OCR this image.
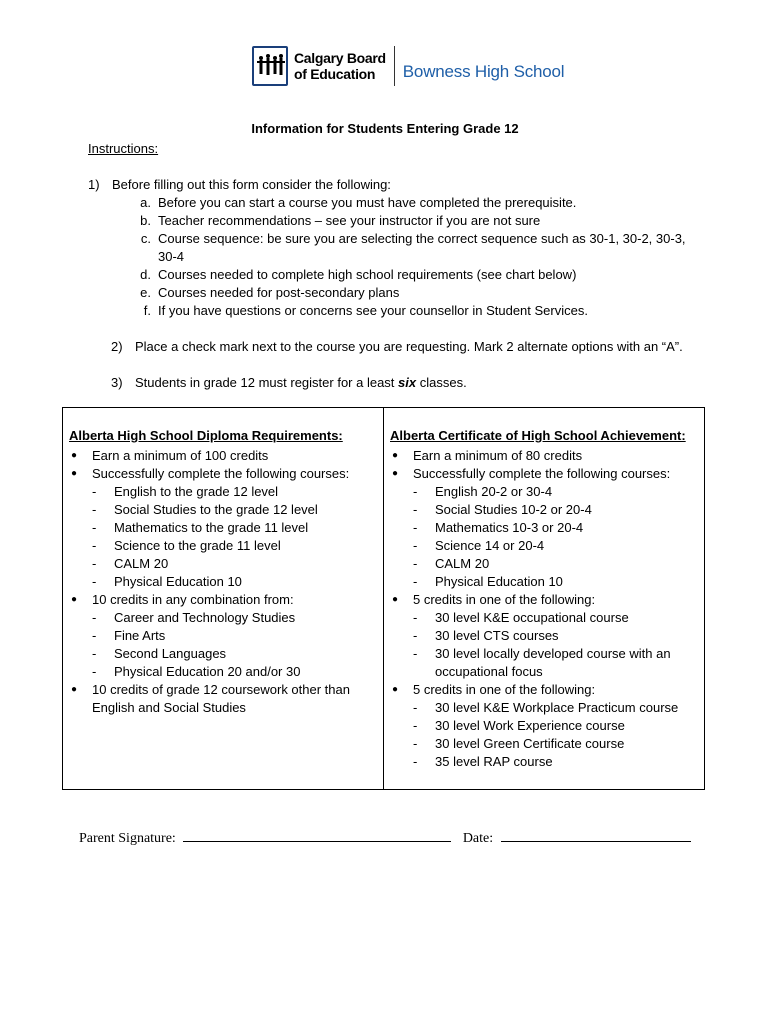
Calgary Board
of Education	Bowness High School
Information for Students Entering Grade 12
Instructions:
1) Before filling out this form consider the following:
a. Before you can start a course you must have completed the prerequisite.
b. Teacher recommendations – see your instructor if you are not sure
c. Course sequence: be sure you are selecting the correct sequence such as 30-1, 30-2, 30-3,
30-4
d. Courses needed to complete high school requirements (see chart below)
e. Courses needed for post-secondary plans
f. If you have questions or concerns see your counsellor in Student Services.
2) Place a check mark next to the course you are requesting. Mark 2 alternate options with an “A”.
3) Students in grade 12 must register for a least six classes.
Alberta High School Diploma Requirements:
● Earn a minimum of 100 credits
● Successfully complete the following courses:
- English to the grade 12 level
- Social Studies to the grade 12 level
- Mathematics to the grade 11 level
- Science to the grade 11 level
- CALM 20
- Physical Education 10
● 10 credits in any combination from:
- Career and Technology Studies
- Fine Arts
- Second Languages
- Physical Education 20 and/or 30
● 10 credits of grade 12 coursework other than
English and Social Studies
Alberta Certificate of High School Achievement:
● Earn a minimum of 80 credits
● Successfully complete the following courses:
- English 20-2 or 30-4
- Social Studies 10-2 or 20-4
- Mathematics 10-3 or 20-4
- Science 14 or 20-4
- CALM 20
- Physical Education 10
● 5 credits in one of the following:
- 30 level K&E occupational course
- 30 level CTS courses
- 30 level locally developed course with an
occupational focus
● 5 credits in one of the following:
- 30 level K&E Workplace Practicum course
- 30 level Work Experience course
- 30 level Green Certificate course
- 35 level RAP course
Parent Signature:	Date:
